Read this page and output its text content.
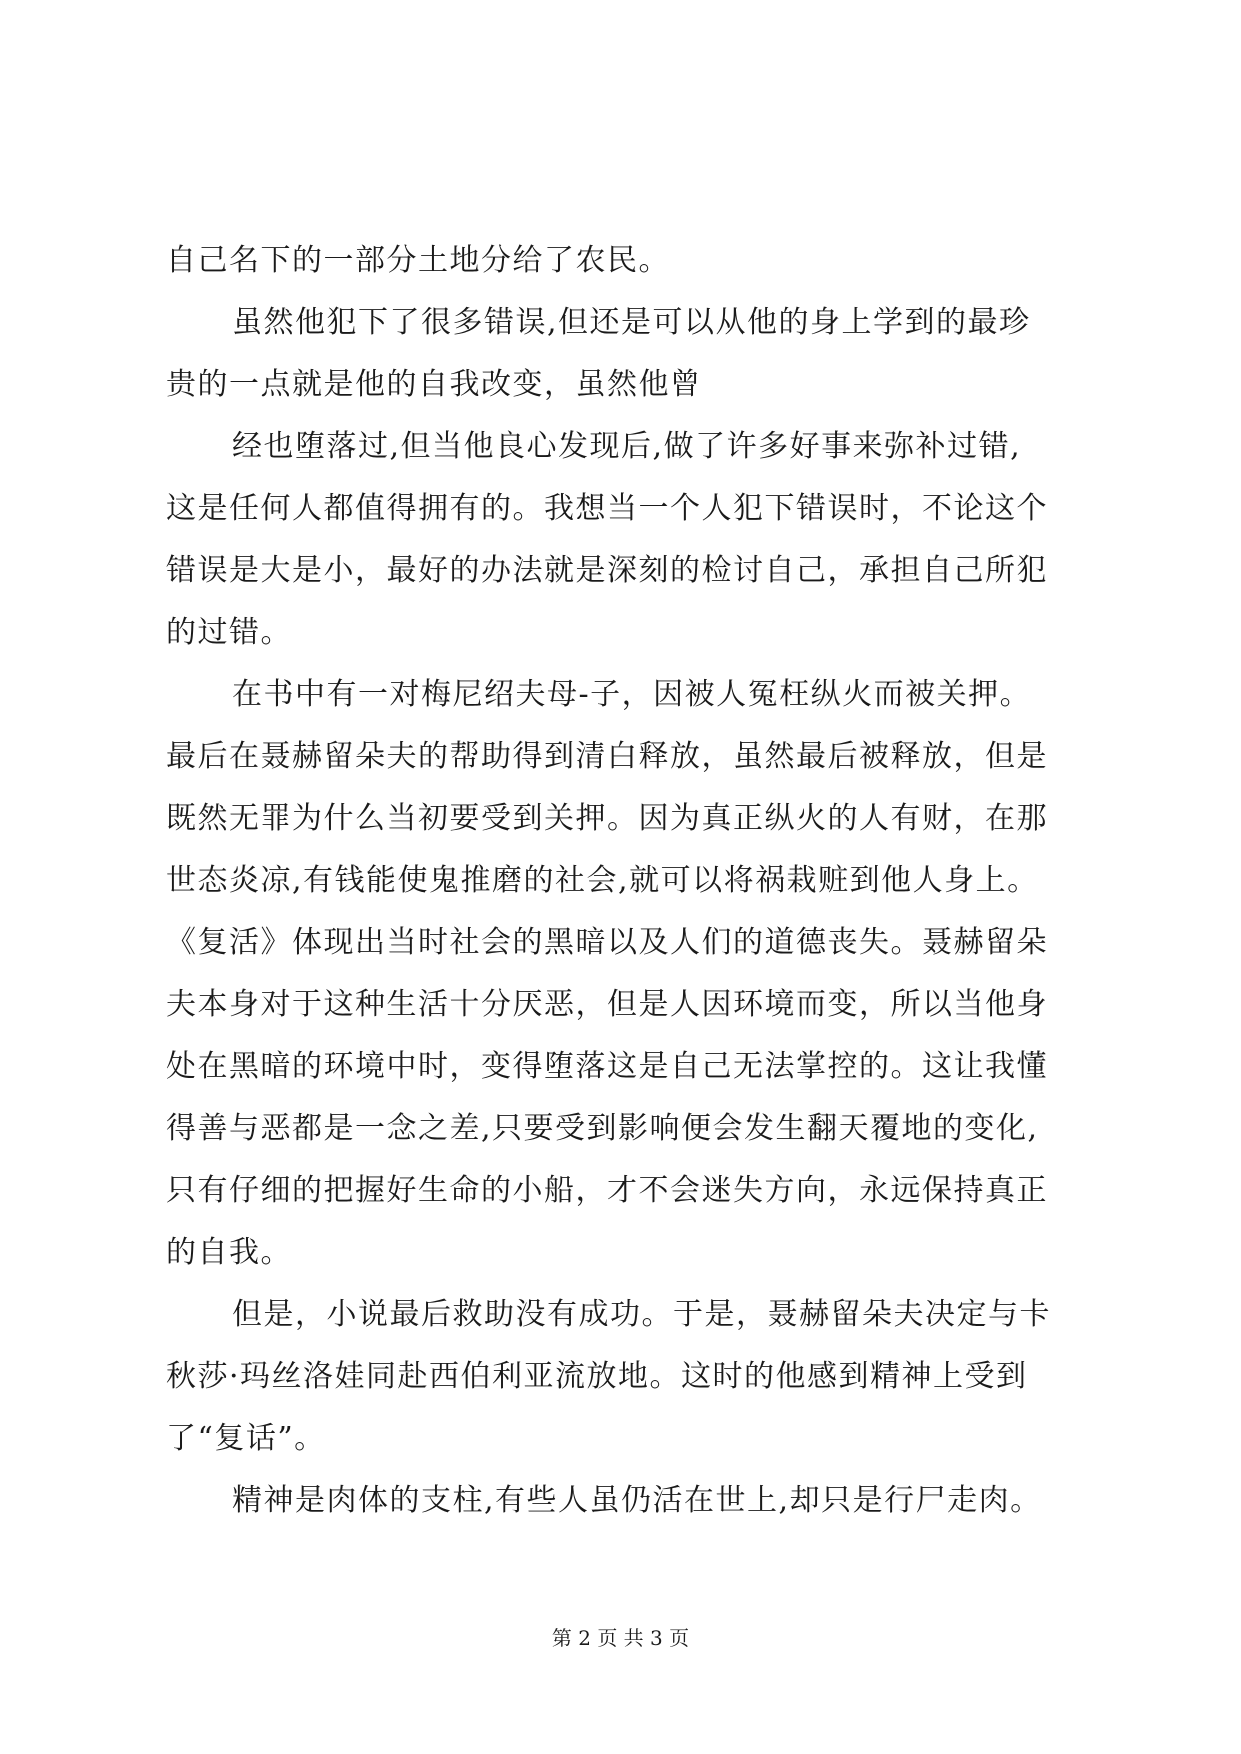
自己名下的一部分土地分给了农民。

虽然他犯下了很多错误,但还是可以从他的身上学到的最珍
贵的一点就是他的自我改变，虽然他曾

经也堕落过,但当他良心发现后,做了许多好事来弥补过错,
这是任何人都值得拥有的。我想当一个人犯下错误时，不论这个
错误是大是小，最好的办法就是深刻的检讨自己，承担自己所犯
的过错。

在书中有一对梅尼绍夫母-子，因被人冤枉纵火而被关押。
最后在聂赫留朵夫的帮助得到清白释放，虽然最后被释放，但是
既然无罪为什么当初要受到关押。因为真正纵火的人有财，在那
世态炎凉,有钱能使鬼推磨的社会,就可以将祸栽赃到他人身上。
《复活》体现出当时社会的黑暗以及人们的道德丧失。聂赫留朵
夫本身对于这种生活十分厌恶，但是人因环境而变，所以当他身
处在黑暗的环境中时，变得堕落这是自己无法掌控的。这让我懂
得善与恶都是一念之差,只要受到影响便会发生翻天覆地的变化,
只有仔细的把握好生命的小船，才不会迷失方向，永远保持真正
的自我。

但是，小说最后救助没有成功。于是，聂赫留朵夫决定与卡
秋莎·玛丝洛娃同赴西伯利亚流放地。这时的他感到精神上受到
了“复话”。

精神是肉体的支柱,有些人虽仍活在世上,却只是行尸走肉。

第 2 页 共 3 页
